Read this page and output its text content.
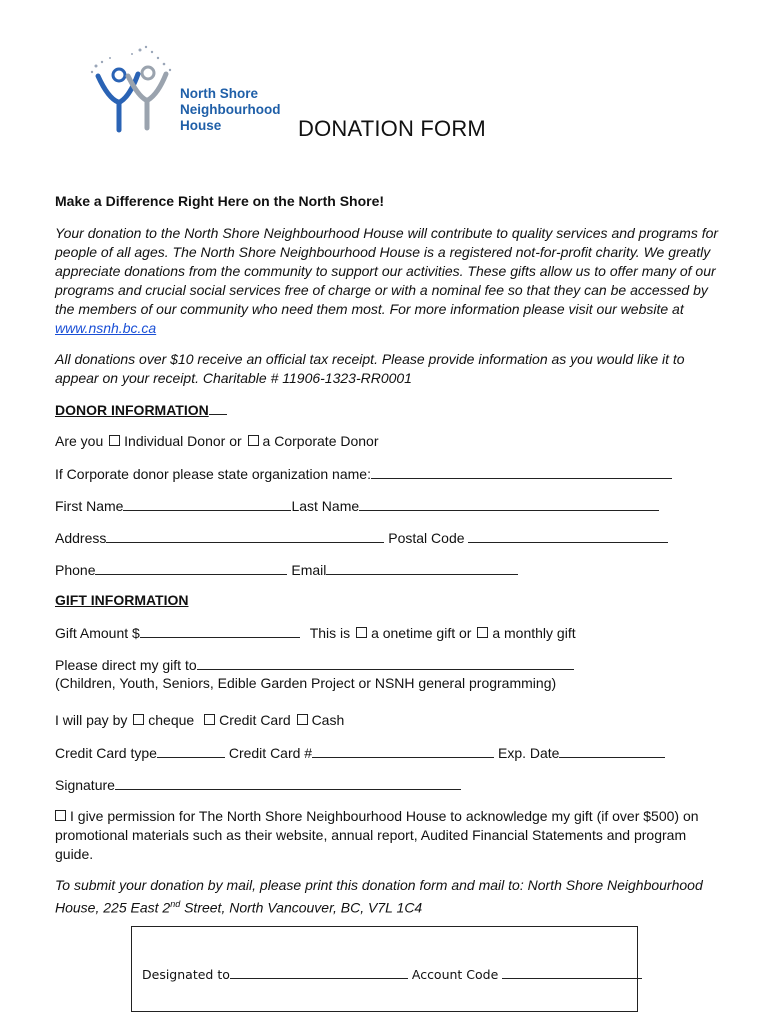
North Shore
Neighbourhood
House	DONATION FORM
Make a Difference Right Here on the North Shore!
Your donation to the North Shore Neighbourhood House will contribute to quality services and programs for people of all ages. The North Shore Neighbourhood House is a registered not-for-profit charity. We greatly appreciate donations from the community to support our activities. These gifts allow us to offer many of our programs and crucial social services free of charge or with a nominal fee so that they can be accessed by the members of our community who need them most. For more information please visit our website at www.nsnh.bc.ca
All donations over $10 receive an official tax receipt. Please provide information as you would like it to appear on your receipt. Charitable # 11906-1323-RR0001
DONOR INFORMATION
Are you Individual Donor or a Corporate Donor
If Corporate donor please state organization name:
First Name	Last Name
Address	Postal Code
Phone	Email
GIFT INFORMATION
Gift Amount $	This is a onetime gift or a monthly gift
Please direct my gift to
(Children, Youth, Seniors, Edible Garden Project or NSNH general programming)
I will pay by cheque Credit Card Cash
Credit Card type	Credit Card #	Exp. Date
Signature
I give permission for The North Shore Neighbourhood House to acknowledge my gift (if over $500) on promotional materials such as their website, annual report, Audited Financial Statements and program guide.
To submit your donation by mail, please print this donation form and mail to: North Shore Neighbourhood House, 225 East 2nd Street, North Vancouver, BC, V7L 1C4
Designated to	Account Code
